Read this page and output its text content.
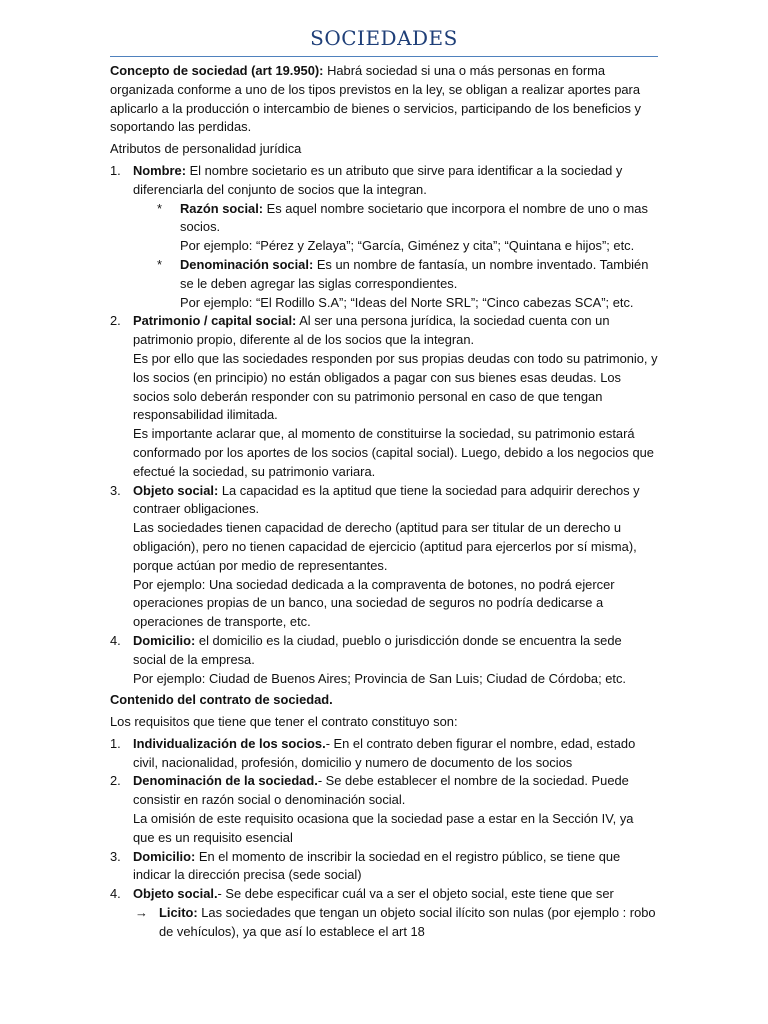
SOCIEDADES

Concepto de sociedad (art 19.950): Habrá sociedad si una o más personas en forma organizada conforme a uno de los tipos previstos en la ley, se obligan a realizar aportes para aplicarlo a la producción o intercambio de bienes o servicios, participando de los beneficios y soportando las perdidas.

Atributos de personalidad jurídica

1. Nombre: El nombre societario es un atributo que sirve para identificar a la sociedad y diferenciarla del conjunto de socios que la integran.

* Razón social: Es aquel nombre societario que incorpora el nombre de uno o mas socios.

Por ejemplo: “Pérez y Zelaya”; “García, Giménez y cita”; “Quintana e hijos”; etc.

* Denominación social: Es un nombre de fantasía, un nombre inventado. También se le deben agregar las siglas correspondientes.

Por ejemplo: “El Rodillo S.A”; “Ideas del Norte SRL”; “Cinco cabezas SCA”; etc.

2. Patrimonio / capital social: Al ser una persona jurídica, la sociedad cuenta con un patrimonio propio, diferente al de los socios que la integran.

Es por ello que las sociedades responden por sus propias deudas con todo su patrimonio, y los socios (en principio) no están obligados a pagar con sus bienes esas deudas. Los socios solo deberán responder con su patrimonio personal en caso de que tengan responsabilidad ilimitada.

Es importante aclarar que, al momento de constituirse la sociedad, su patrimonio estará conformado por los aportes de los socios (capital social). Luego, debido a los negocios que efectué la sociedad, su patrimonio variara.

3. Objeto social: La capacidad es la aptitud que tiene la sociedad para adquirir derechos y contraer obligaciones.

Las sociedades tienen capacidad de derecho (aptitud para ser titular de un derecho u obligación), pero no tienen capacidad de ejercicio (aptitud para ejercerlos por sí misma), porque actúan por medio de representantes.

Por ejemplo: Una sociedad dedicada a la compraventa de botones, no podrá ejercer operaciones propias de un banco, una sociedad de seguros no podría dedicarse a operaciones de transporte, etc.

4. Domicilio: el domicilio es la ciudad, pueblo o jurisdicción donde se encuentra la sede social de la empresa.

Por ejemplo: Ciudad de Buenos Aires; Provincia de San Luis; Ciudad de Córdoba; etc.

Contenido del contrato de sociedad.

Los requisitos que tiene que tener el contrato constituyo son:

1. Individualización de los socios.- En el contrato deben figurar el nombre, edad, estado civil, nacionalidad, profesión, domicilio y numero de documento de los socios

2. Denominación de la sociedad.- Se debe establecer el nombre de la sociedad. Puede consistir en razón social o denominación social.

La omisión de este requisito ocasiona que la sociedad pase a estar en la Sección IV, ya que es un requisito esencial

3. Domicilio: En el momento de inscribir la sociedad en el registro público, se tiene que indicar la dirección precisa (sede social)

4. Objeto social.- Se debe especificar cuál va a ser el objeto social, este tiene que ser

→ Licito: Las sociedades que tengan un objeto social ilícito son nulas (por ejemplo : robo de vehículos), ya que así lo establece el art 18
